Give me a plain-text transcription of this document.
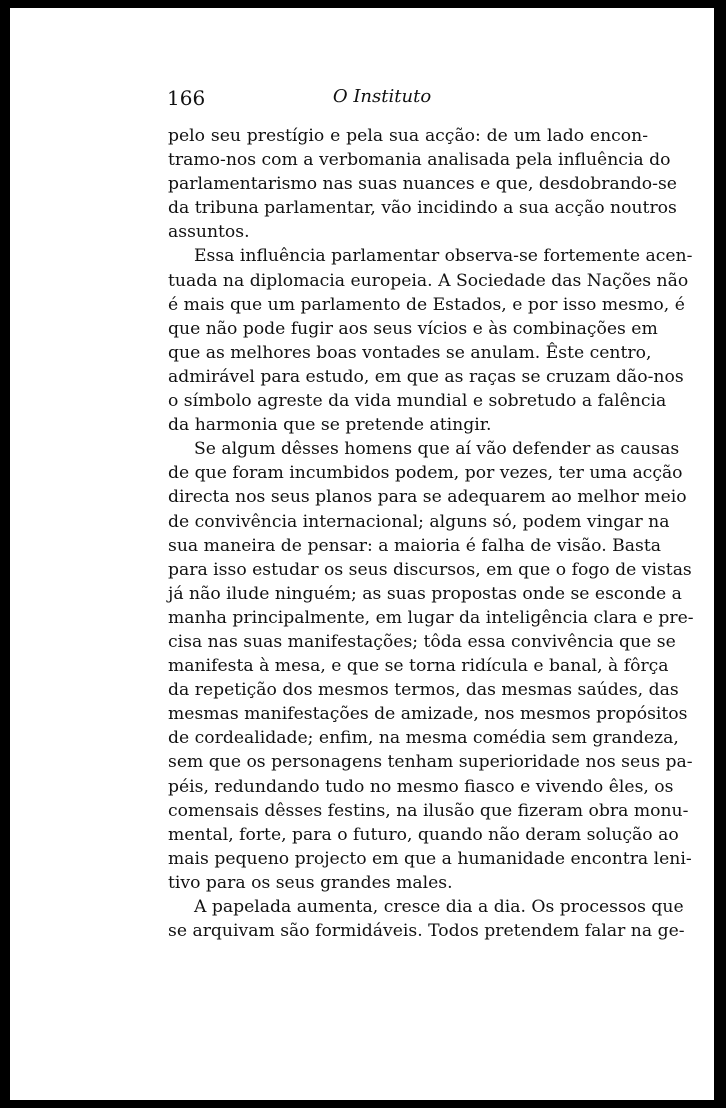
166	O Instituto

pelo seu prestígio e pela sua acção: de um lado encon-
tramo-nos com a verbomania analisada pela influência do
parlamentarismo nas suas nuances e que, desdobrando-se
da tribuna parlamentar, vão incidindo a sua acção noutros
assuntos.

Essa influência parlamentar observa-se fortemente acen-
tuada na diplomacia europeia. A Sociedade das Nações não
é mais que um parlamento de Estados, e por isso mesmo, é
que não pode fugir aos seus vícios e às combinações em
que as melhores boas vontades se anulam. Êste centro,
admirável para estudo, em que as raças se cruzam dão-nos
o símbolo agreste da vida mundial e sobretudo a falência
da harmonia que se pretende atingir.

Se algum dêsses homens que aí vão defender as causas
de que foram incumbidos podem, por vezes, ter uma acção
directa nos seus planos para se adequarem ao melhor meio
de convivência internacional; alguns só, podem vingar na
sua maneira de pensar: a maioria é falha de visão. Basta
para isso estudar os seus discursos, em que o fogo de vistas
já não ilude ninguém; as suas propostas onde se esconde a
manha principalmente, em lugar da inteligência clara e pre-
cisa nas suas manifestações; tôda essa convivência que se
manifesta à mesa, e que se torna ridícula e banal, à fôrça
da repetição dos mesmos termos, das mesmas saúdes, das
mesmas manifestações de amizade, nos mesmos propósitos
de cordealidade; enfim, na mesma comédia sem grandeza,
sem que os personagens tenham superioridade nos seus pa-
péis, redundando tudo no mesmo fiasco e vivendo êles, os
comensais dêsses festins, na ilusão que fizeram obra monu-
mental, forte, para o futuro, quando não deram solução ao
mais pequeno projecto em que a humanidade encontra leni-
tivo para os seus grandes males.

A papelada aumenta, cresce dia a dia. Os processos que
se arquivam são formidáveis. Todos pretendem falar na ge-
